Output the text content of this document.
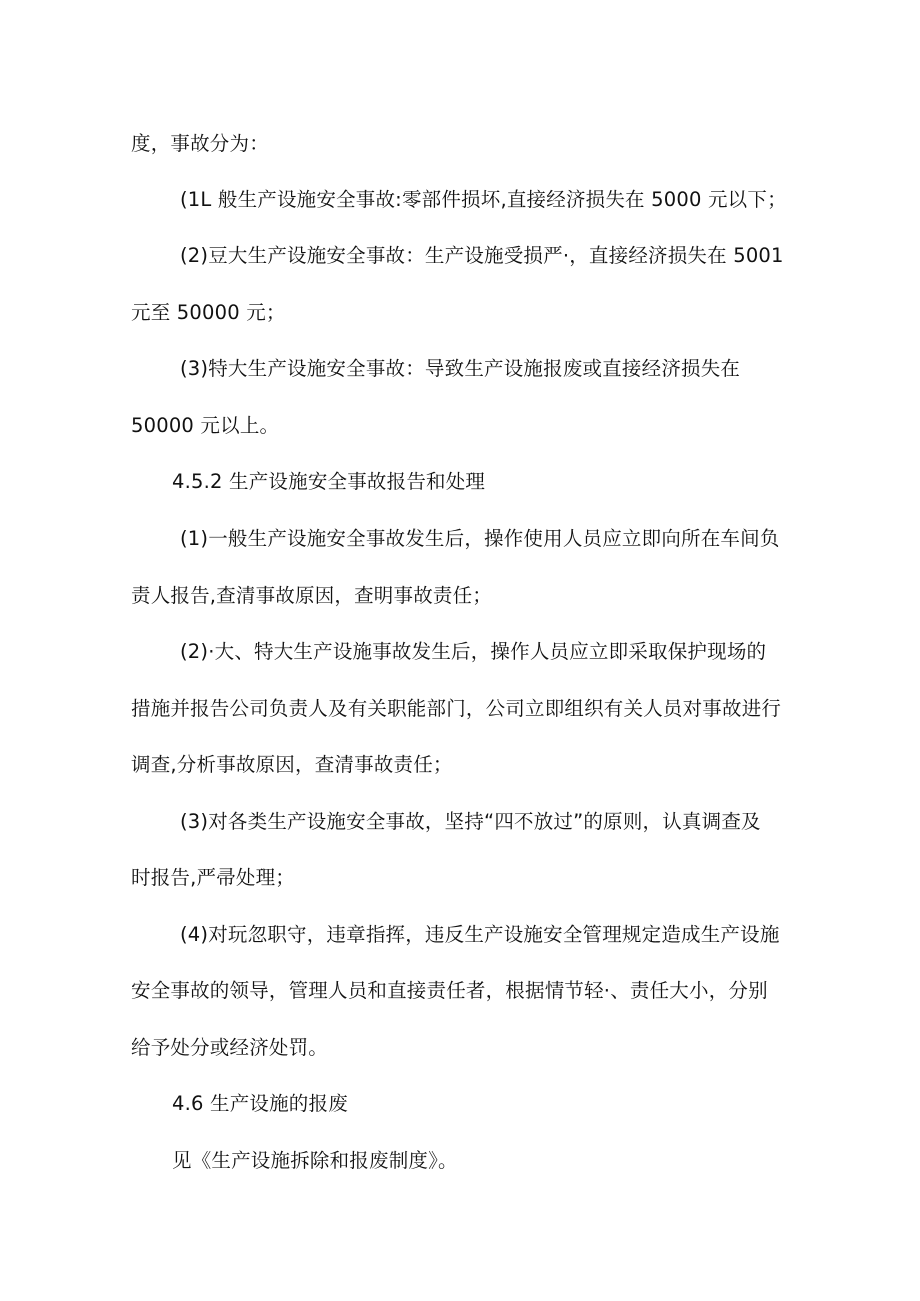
度，事故分为：
(1L 般生产设施安全事故:零部件损坏,直接经济损失在 5000 元以下；
(2)豆大生产设施安全事故：生产设施受损严·，直接经济损失在 5001
元至 50000 元；
(3)特大生产设施安全事故：导致生产设施报废或直接经济损失在
50000 元以上。
4.5.2 生产设施安全事故报告和处理
(1)一般生产设施安全事故发生后，操作使用人员应立即向所在车间负
责人报告,查清事故原因，查明事故责任；
(2)·大、特大生产设施事故发生后，操作人员应立即采取保护现场的
措施并报告公司负责人及有关职能部门，公司立即组织有关人员对事故进行
调查,分析事故原因，查清事故责任；
(3)对各类生产设施安全事故，坚持“四不放过”的原则，认真调查及
时报告,严帚处理；
(4)对玩忽职守，违章指挥，违反生产设施安全管理规定造成生产设施
安全事故的领导，管理人员和直接责任者，根据情节轻·、责任大小，分别
给予处分或经济处罚。
4.6 生产设施的报废
见《生产设施拆除和报废制度》。
